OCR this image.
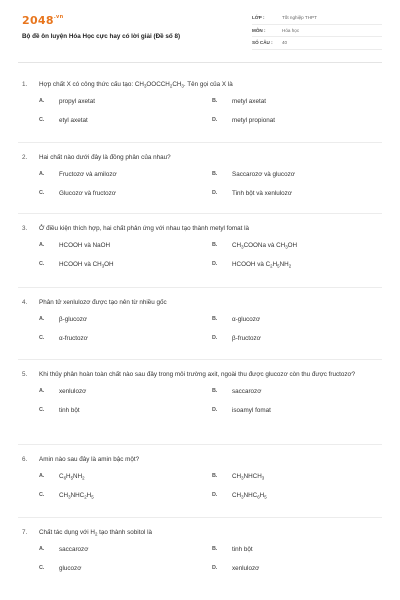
$2048^{.vn}$
Bộ đề ôn luyện Hóa Học cực hay có lời giải (Đề số 8)
LỚP :	Tốt nghiệp THPT
MÔN :	Hóa học
SỐ CÂU :	40
1.	Hợp chất X có công thức cấu tạo: $CH_3OOCCH_2CH_3$. Tên gọi của X là
A.	propyl axetat	B.	metyl axetat
C.	etyl axetat	D.	metyl propionat
2.	Hai chất nào dưới đây là đồng phân của nhau?
A.	Fructozơ và amilozơ	B.	Saccarozơ và glucozơ
C.	Glucozơ và fructozơ	D.	Tinh bột và xenlulozơ
3.	Ở điều kiện thích hợp, hai chất phản ứng với nhau tạo thành metyl fomat là
A.	HCOOH và NaOH	B.	$CH_3COONa$ và $CH_3OH$
C.	HCOOH và $CH_3OH$	D.	HCOOH và $C_2H_5NH_2$
4.	Phân tử xenlulozơ được tạo nên từ nhiều gốc
A.	β-glucozơ	B.	α-glucozơ
C.	α-fructozơ	D.	β-fructozơ
5.	Khi thủy phân hoàn toàn chất nào sau đây trong môi trường axit, ngoài thu được glucozơ còn thu được fructozơ?
A.	xenlulozơ	B.	saccarozơ
C.	tinh bột	D.	isoamyl fomat
6.	Amin nào sau đây là amin bậc một?
A.	$C_6H_5NH_2$	B.	$CH_3NHCH_3$
C.	$CH_3NHC_2H_5$	D.	$CH_3NHC_6H_5$
7.	Chất tác dụng với $H_2$ tạo thành sobitol là
A.	saccarozơ	B.	tinh bột
C.	glucozơ	D.	xenlulozơ
